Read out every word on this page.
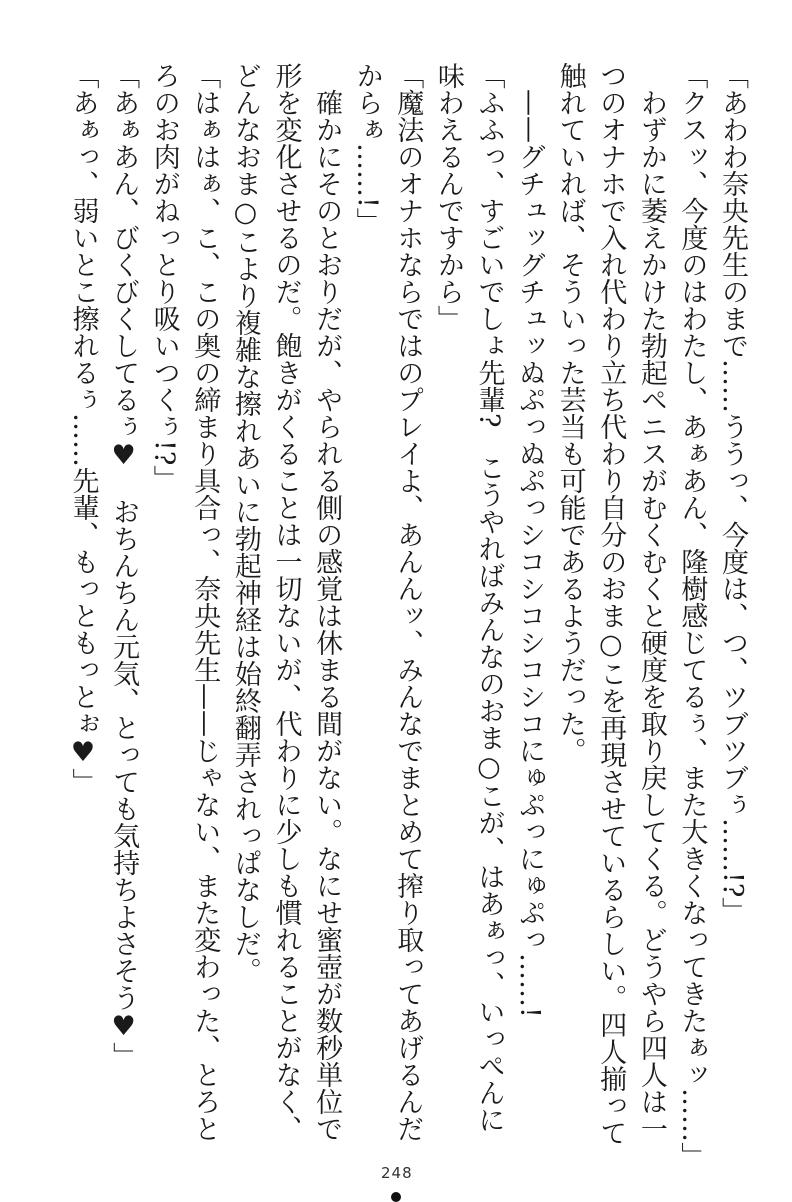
「あわわ奈央先生のまで……ううっ、今度は、つ、ツブツブぅ……!?」
「クスッ、今度のはわたし、あぁあん、隆樹感じてるぅ、また大きくなってきたぁッ……」
わずかに萎えかけた勃起ペニスがむくむくと硬度を取り戻してくる。どうやら四人は一
つのオナホで入れ代わり立ち代わり自分のおま○こを再現させているらしい。四人揃って
触れていれば、そういった芸当も可能であるようだった。
——グチュッグチュッぬぷっぬぷっシコシコシコシコにゅぷっにゅぷっ……!
「ふふっ、すごいでしょ先輩?　こうやればみんなのおま○こが、はあぁっ、いっぺんに
味わえるんですから」
「魔法のオナホならではのプレイよ、あんんッ、みんなでまとめて搾り取ってあげるんだ
からぁ……!」
確かにそのとおりだが、やられる側の感覚は休まる間がない。なにせ蜜壺が数秒単位で
形を変化させるのだ。飽きがくることは一切ないが、代わりに少しも慣れることがなく、
どんなおま○こより複雑な擦れあいに勃起神経は始終翻弄されっぱなしだ。
「はぁはぁ、こ、この奥の締まり具合っ、奈央先生——じゃない、また変わった、とろと
ろのお肉がねっとり吸いつくぅ!?」
「あぁあん、びくびくしてるぅ♥　おちんちん元気、とっても気持ちよさそう♥」
「あぁっ、弱いとこ擦れるぅ……先輩、もっともっとぉ♥」
248
